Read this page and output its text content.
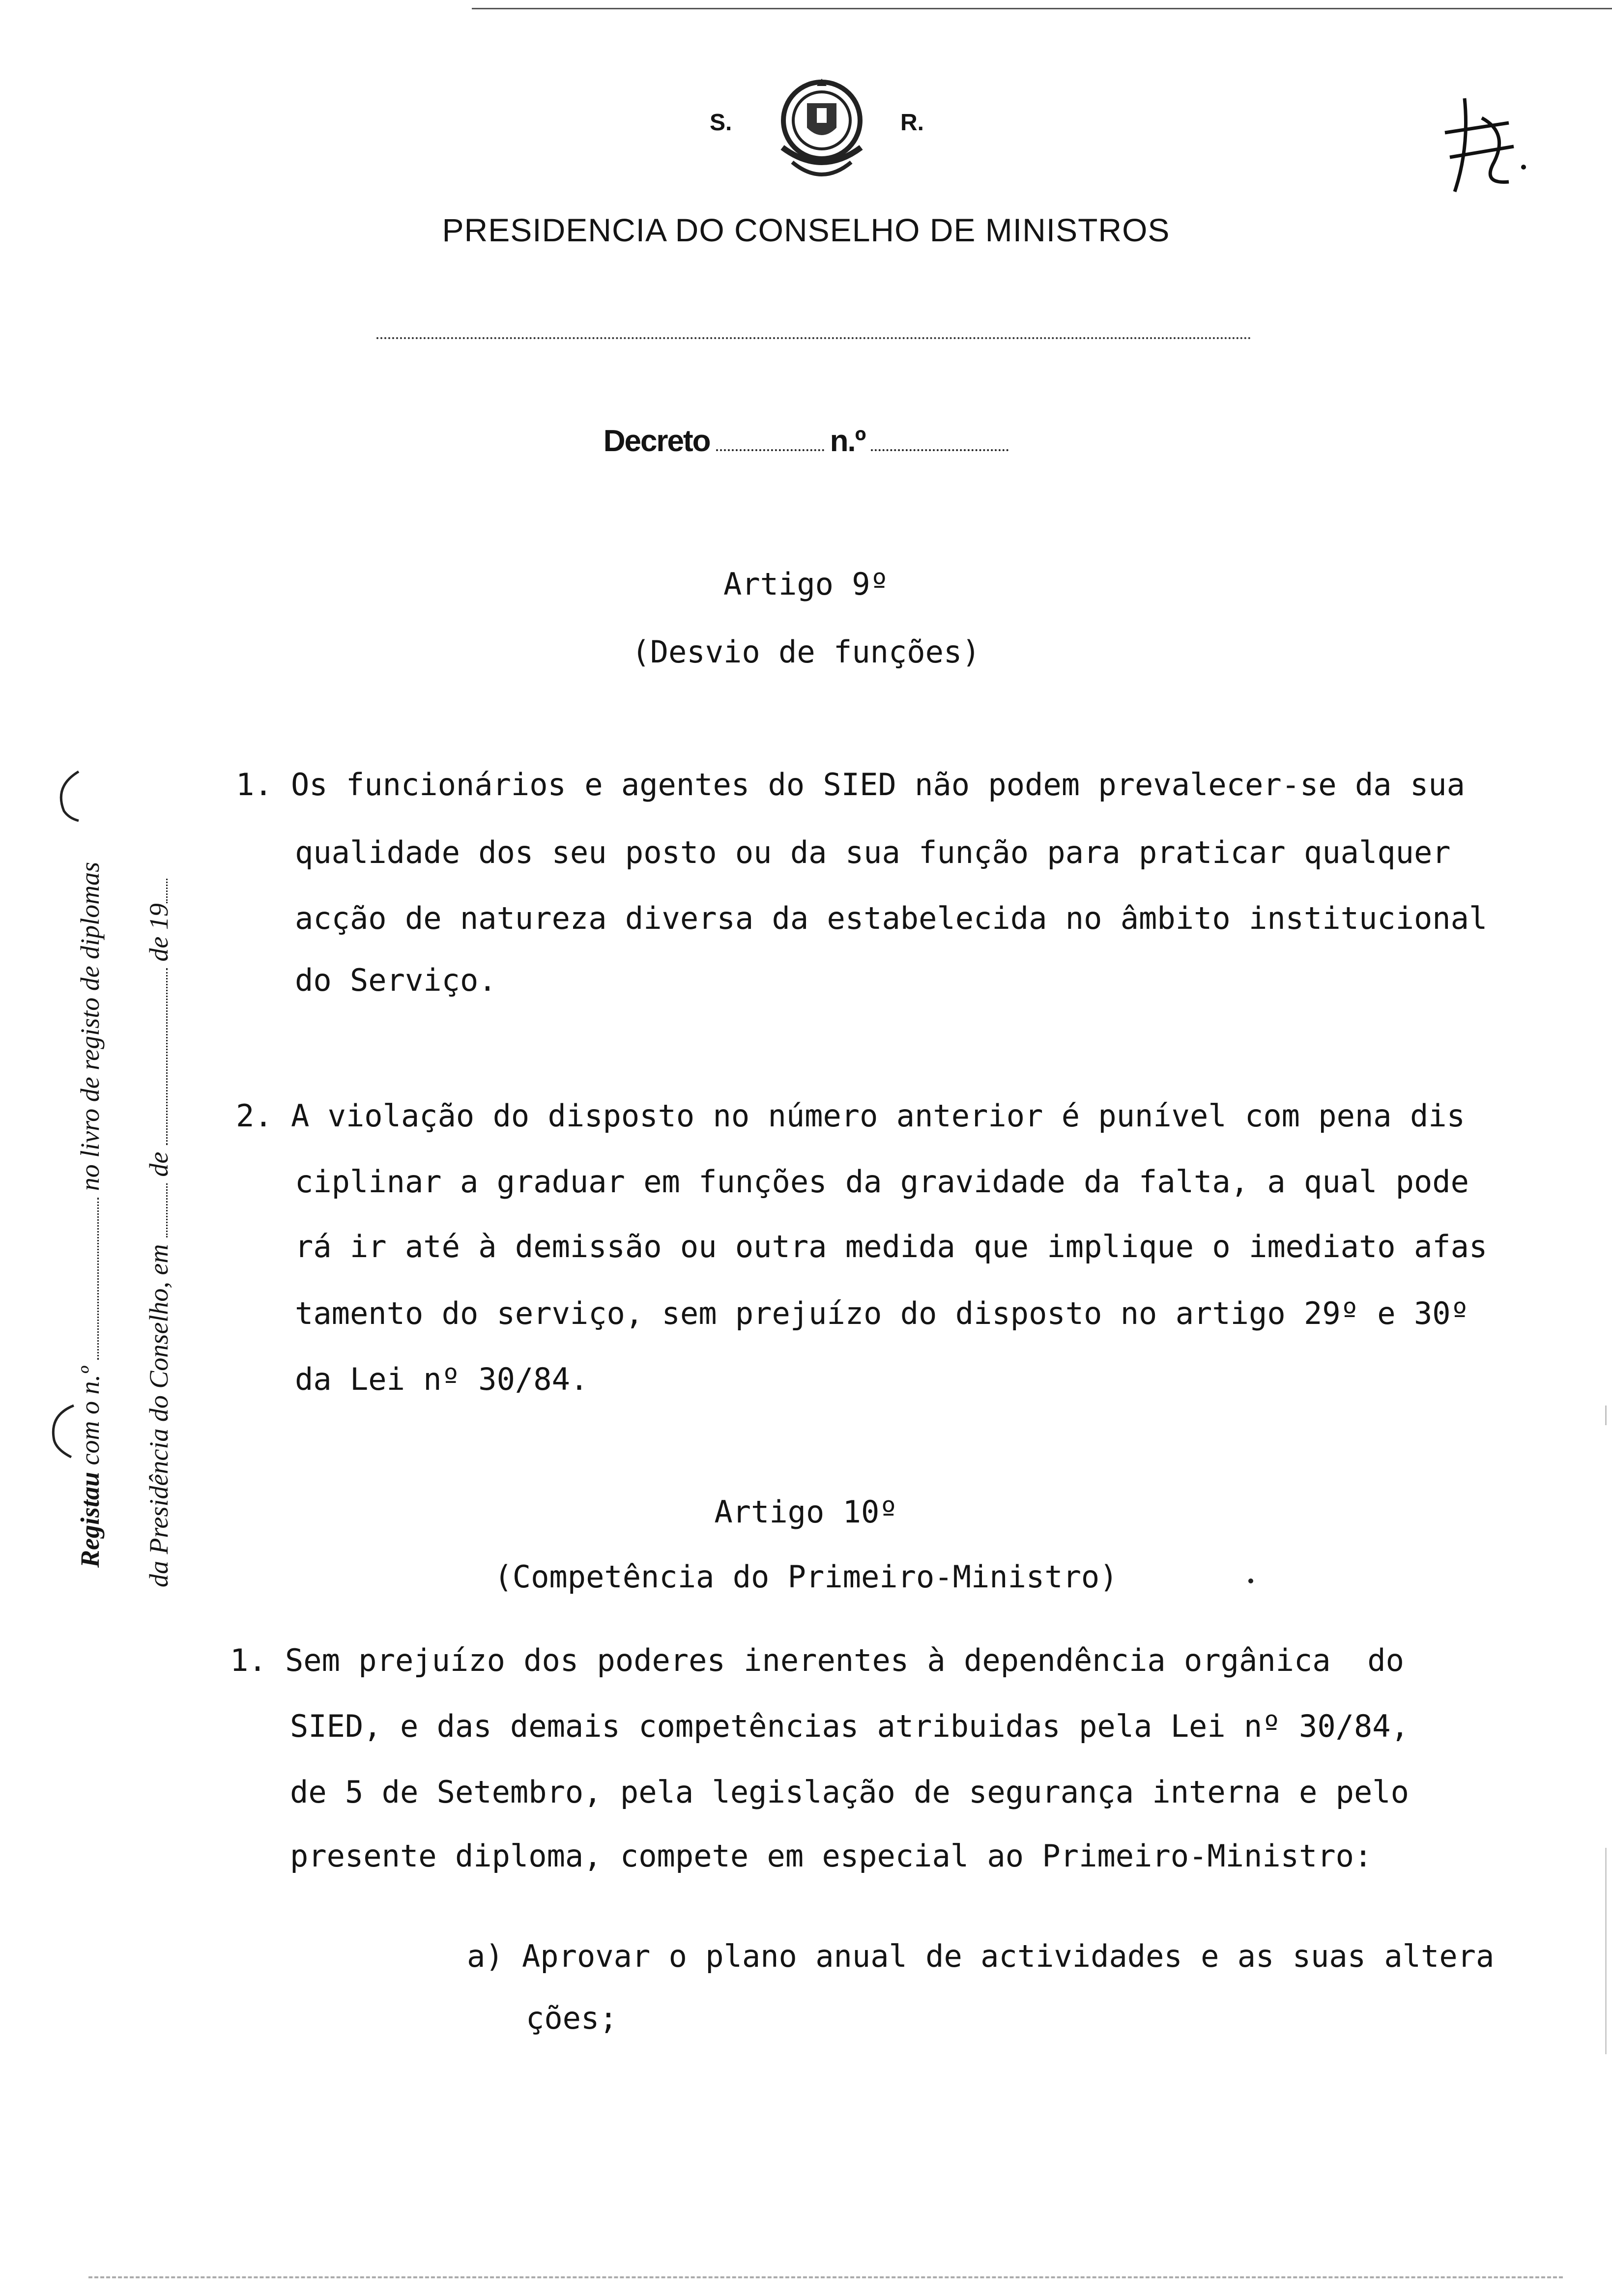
S.	R.
PRESIDENCIA DO CONSELHO DE MINISTROS
Decreto	n.º
Registau com o n.º  no livro de registo de diplomas
da Presidência do Conselho, em  de  de 19
Artigo 9º
(Desvio de funções)
1. Os funcionários e agentes do SIED não podem prevalecer-se da sua
qualidade dos seu posto ou da sua função para praticar qualquer
acção de natureza diversa da estabelecida no âmbito institucional
do Serviço.
2. A violação do disposto no número anterior é punível com pena dis
ciplinar a graduar em funções da gravidade da falta, a qual pode
rá ir até à demissão ou outra medida que implique o imediato afas
tamento do serviço, sem prejuízo do disposto no artigo 29º e 30º
da Lei nº 30/84.
Artigo 10º
(Competência do Primeiro-Ministro)
1. Sem prejuízo dos poderes inerentes à dependência orgânica  do
SIED, e das demais competências atribuidas pela Lei nº 30/84,
de 5 de Setembro, pela legislação de segurança interna e pelo
presente diploma, compete em especial ao Primeiro-Ministro:
a) Aprovar o plano anual de actividades e as suas altera
ções;
